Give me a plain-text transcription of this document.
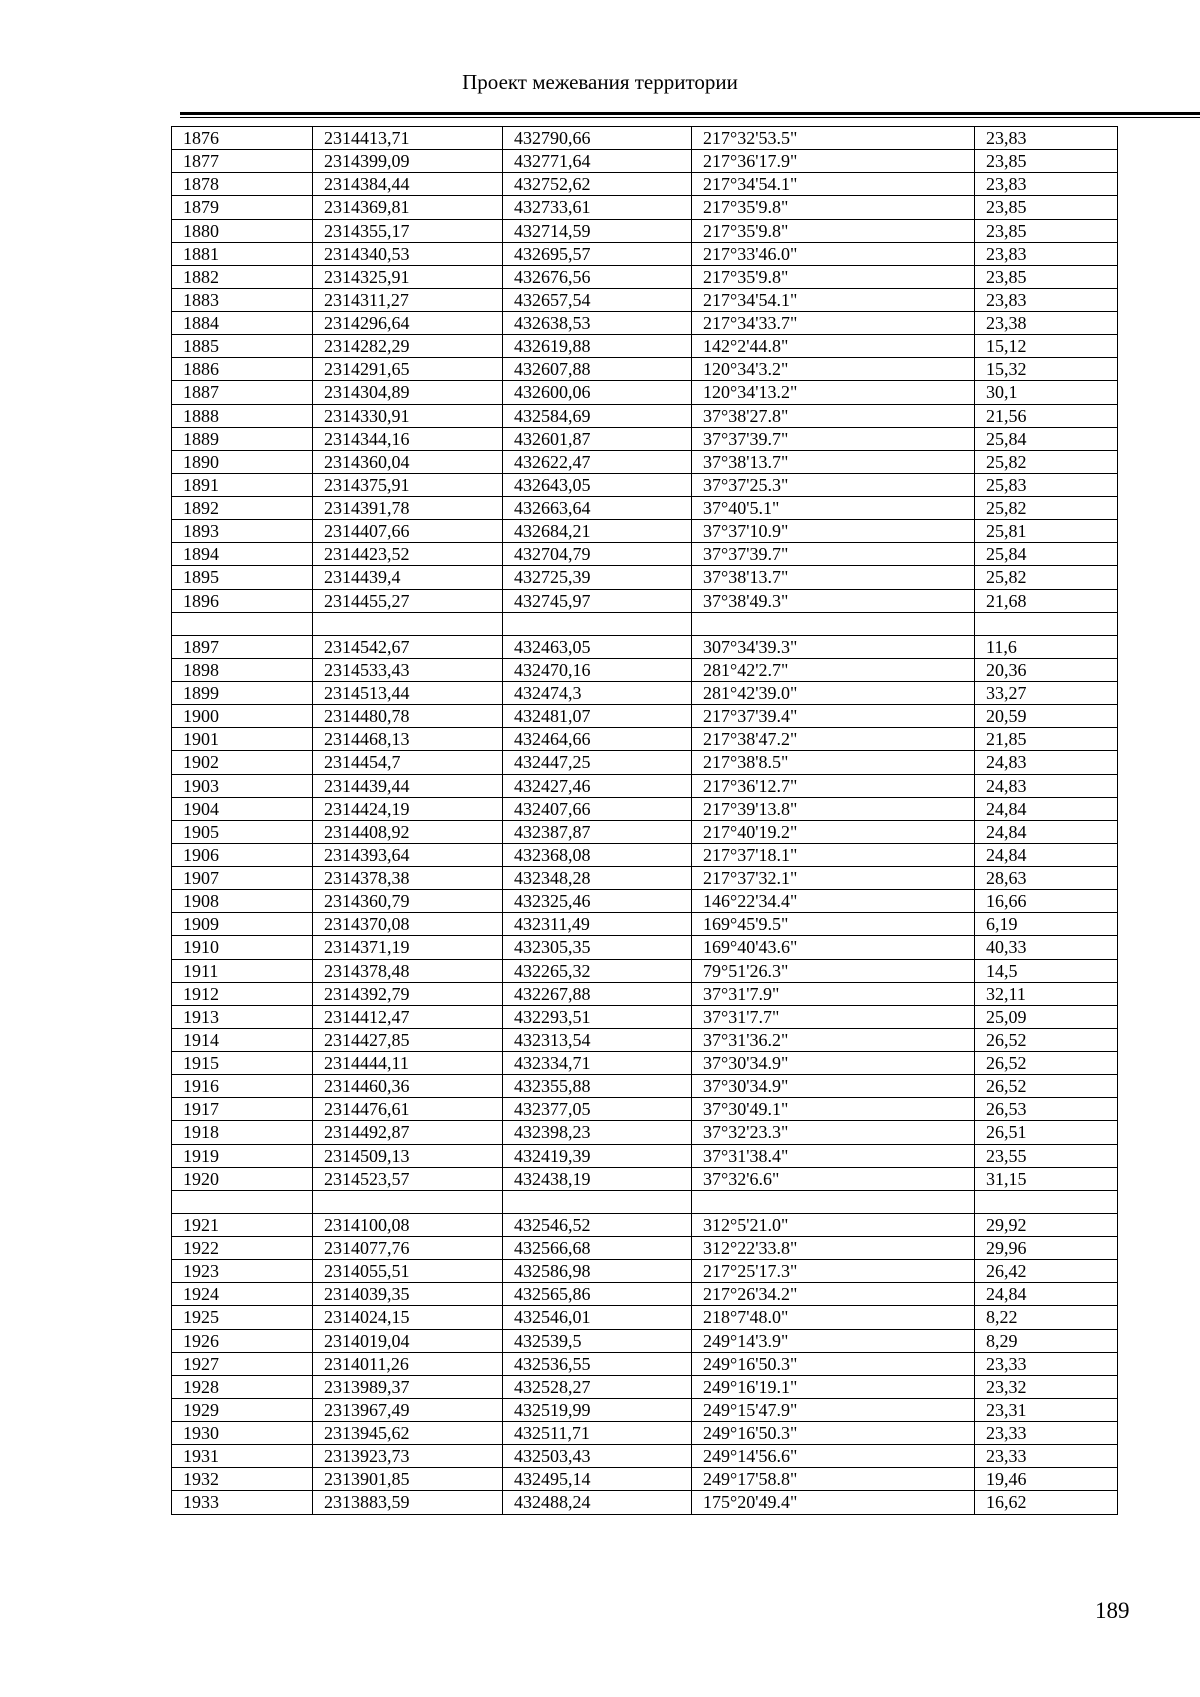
Проект межевания территории
1876	2314413,71	432790,66	217°32'53.5"	23,83
1877	2314399,09	432771,64	217°36'17.9"	23,85
1878	2314384,44	432752,62	217°34'54.1"	23,83
1879	2314369,81	432733,61	217°35'9.8"	23,85
1880	2314355,17	432714,59	217°35'9.8"	23,85
1881	2314340,53	432695,57	217°33'46.0"	23,83
1882	2314325,91	432676,56	217°35'9.8"	23,85
1883	2314311,27	432657,54	217°34'54.1"	23,83
1884	2314296,64	432638,53	217°34'33.7"	23,38
1885	2314282,29	432619,88	142°2'44.8"	15,12
1886	2314291,65	432607,88	120°34'3.2"	15,32
1887	2314304,89	432600,06	120°34'13.2"	30,1
1888	2314330,91	432584,69	37°38'27.8"	21,56
1889	2314344,16	432601,87	37°37'39.7"	25,84
1890	2314360,04	432622,47	37°38'13.7"	25,82
1891	2314375,91	432643,05	37°37'25.3"	25,83
1892	2314391,78	432663,64	37°40'5.1"	25,82
1893	2314407,66	432684,21	37°37'10.9"	25,81
1894	2314423,52	432704,79	37°37'39.7"	25,84
1895	2314439,4	432725,39	37°38'13.7"	25,82
1896	2314455,27	432745,97	37°38'49.3"	21,68

1897	2314542,67	432463,05	307°34'39.3"	11,6
1898	2314533,43	432470,16	281°42'2.7"	20,36
1899	2314513,44	432474,3	281°42'39.0"	33,27
1900	2314480,78	432481,07	217°37'39.4"	20,59
1901	2314468,13	432464,66	217°38'47.2"	21,85
1902	2314454,7	432447,25	217°38'8.5"	24,83
1903	2314439,44	432427,46	217°36'12.7"	24,83
1904	2314424,19	432407,66	217°39'13.8"	24,84
1905	2314408,92	432387,87	217°40'19.2"	24,84
1906	2314393,64	432368,08	217°37'18.1"	24,84
1907	2314378,38	432348,28	217°37'32.1"	28,63
1908	2314360,79	432325,46	146°22'34.4"	16,66
1909	2314370,08	432311,49	169°45'9.5"	6,19
1910	2314371,19	432305,35	169°40'43.6"	40,33
1911	2314378,48	432265,32	79°51'26.3"	14,5
1912	2314392,79	432267,88	37°31'7.9"	32,11
1913	2314412,47	432293,51	37°31'7.7"	25,09
1914	2314427,85	432313,54	37°31'36.2"	26,52
1915	2314444,11	432334,71	37°30'34.9"	26,52
1916	2314460,36	432355,88	37°30'34.9"	26,52
1917	2314476,61	432377,05	37°30'49.1"	26,53
1918	2314492,87	432398,23	37°32'23.3"	26,51
1919	2314509,13	432419,39	37°31'38.4"	23,55
1920	2314523,57	432438,19	37°32'6.6"	31,15

1921	2314100,08	432546,52	312°5'21.0"	29,92
1922	2314077,76	432566,68	312°22'33.8"	29,96
1923	2314055,51	432586,98	217°25'17.3"	26,42
1924	2314039,35	432565,86	217°26'34.2"	24,84
1925	2314024,15	432546,01	218°7'48.0"	8,22
1926	2314019,04	432539,5	249°14'3.9"	8,29
1927	2314011,26	432536,55	249°16'50.3"	23,33
1928	2313989,37	432528,27	249°16'19.1"	23,32
1929	2313967,49	432519,99	249°15'47.9"	23,31
1930	2313945,62	432511,71	249°16'50.3"	23,33
1931	2313923,73	432503,43	249°14'56.6"	23,33
1932	2313901,85	432495,14	249°17'58.8"	19,46
1933	2313883,59	432488,24	175°20'49.4"	16,62
189
